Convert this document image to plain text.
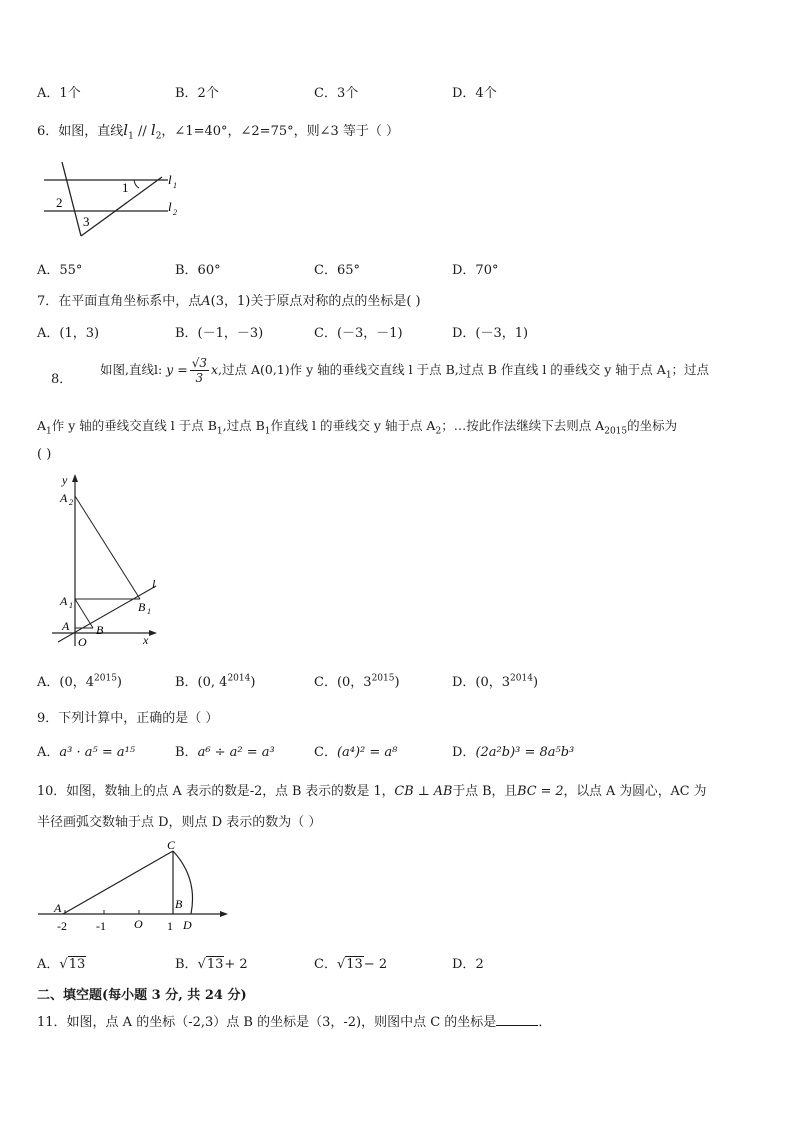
A．1个	B．2个	C．3个	D．4个
6．如图，直线$l_1 // l_2$，∠1=40°，∠2=75°，则∠3 等于（ ）
1
2
3
l 1
l 2
A．55°	B．60°	C．65°	D．70°
7．在平面直角坐标系中，点A(3，1)关于原点对称的点的坐标是( )
A．(1，3)	B．(－1，－3)	C．(－3，－1)	D．(－3，1)
8．
如图,直线l: $y = \frac{√3}{3} x$,过点 A(0,1)作 y 轴的垂线交直线 l 于点 B,过点 B 作直线 l 的垂线交 y 轴于点 $A_1$；过点
$A_1$作 y 轴的垂线交直线 l 于点 $B_1$,过点 $B_1$作直线 l 的垂线交 y 轴于点 $A_2$；…按此作法继续下去则点 $A_{2015}$的坐标为
( )
y
x
l
O
A B
A 1	B 1
A 2
A．(0，$4^{2015}$)	B．(0, $4^{2014}$)	C．(0，$3^{2015}$)	D．(0，$3^{2014}$)
9．下列计算中，正确的是（ ）
A．a³ · a⁵ = a¹⁵	B．a⁶ ÷ a² = a³	C．(a⁴)² = a⁸	D．(2a²b)³ = 8a⁵b³
10．如图，数轴上的点 A 表示的数是-2，点 B 表示的数是 1，CB ⊥ AB于点 B，且BC = 2，以点 A 为圆心，AC 为
半径画弧交数轴于点 D，则点 D 表示的数为（ ）
A	B
C
D
-2 -1 O 1
A．√13	B．√13+ 2	C．√13− 2	D．2
二、填空题(每小题 3 分, 共 24 分)
11．如图，点 A 的坐标（-2,3）点 B 的坐标是（3，-2)，则图中点 C 的坐标是	．
